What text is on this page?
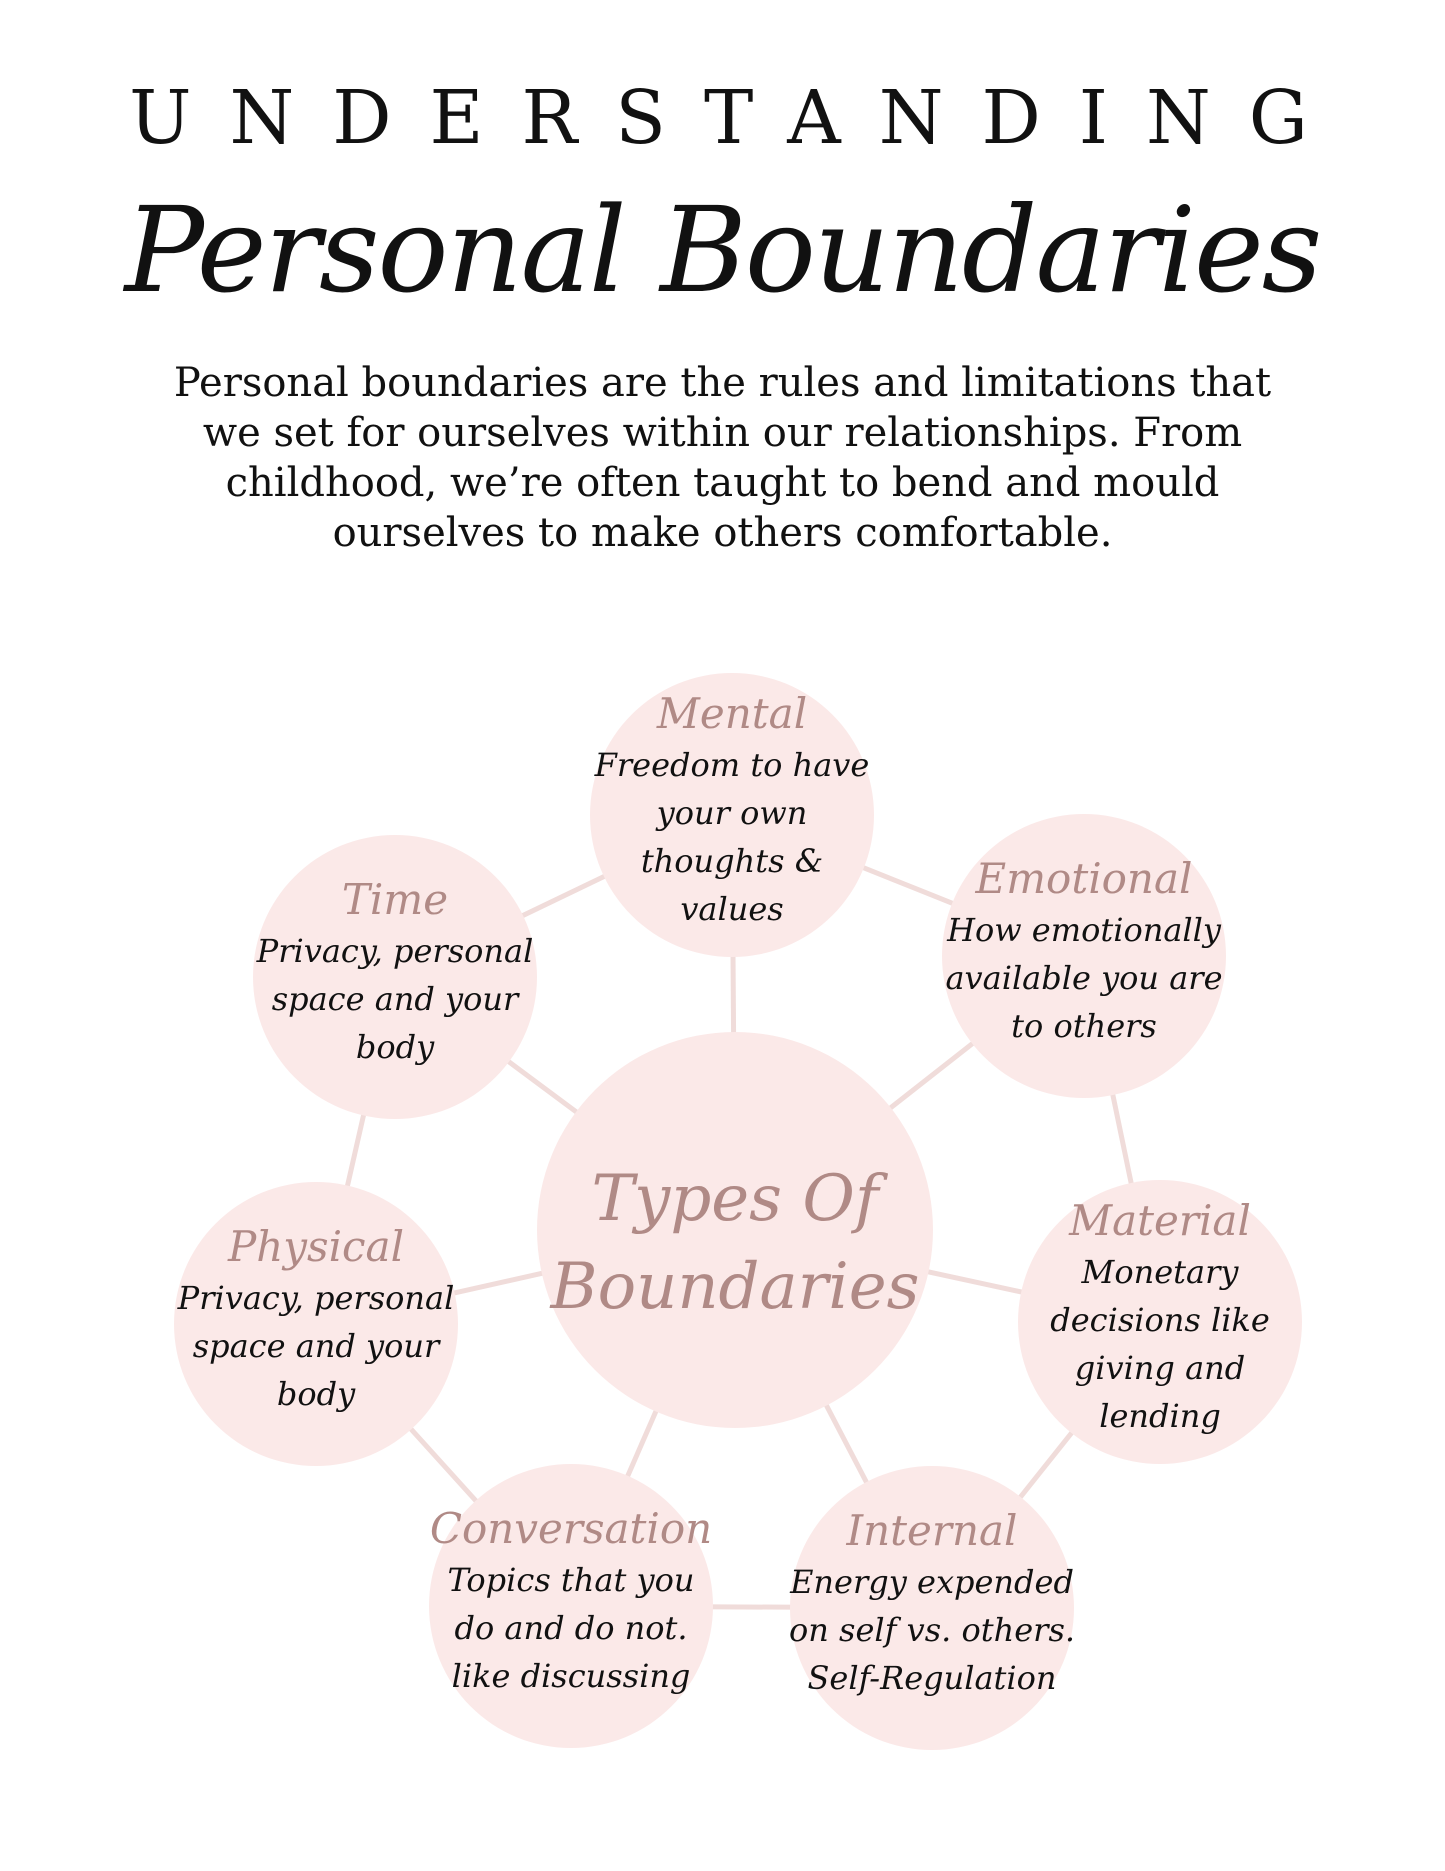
UNDERSTANDING
Personal Boundaries
Personal boundaries are the rules and limitations that we set for ourselves within our relationships. From childhood, we’re often taught to bend and mould ourselves to make others comfortable.
Types Of
Boundaries
Mental
Freedom to have
your own
thoughts &
values
Emotional
How emotionally
available you are
to others
Material
Monetary
decisions like
giving and
lending
Internal
Energy expended
on self vs. others.
Self-Regulation
Conversation
Topics that you
do and do not.
like discussing
Physical
Privacy, personal
space and your
body
Time
Privacy, personal
space and your
body
